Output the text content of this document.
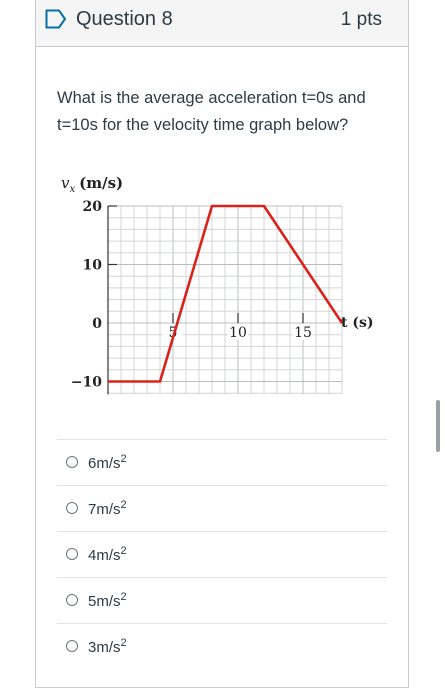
Question 8	1 pts
What is the average acceleration t=0s and t=10s for the velocity time graph below?
$6m/s^2$
$7m/s^2$
$4m/s^2$
$5m/s^2$
$3m/s^2$
$v_x$ (m/s)
20
10
0
−10
5	10	15
t (s)
